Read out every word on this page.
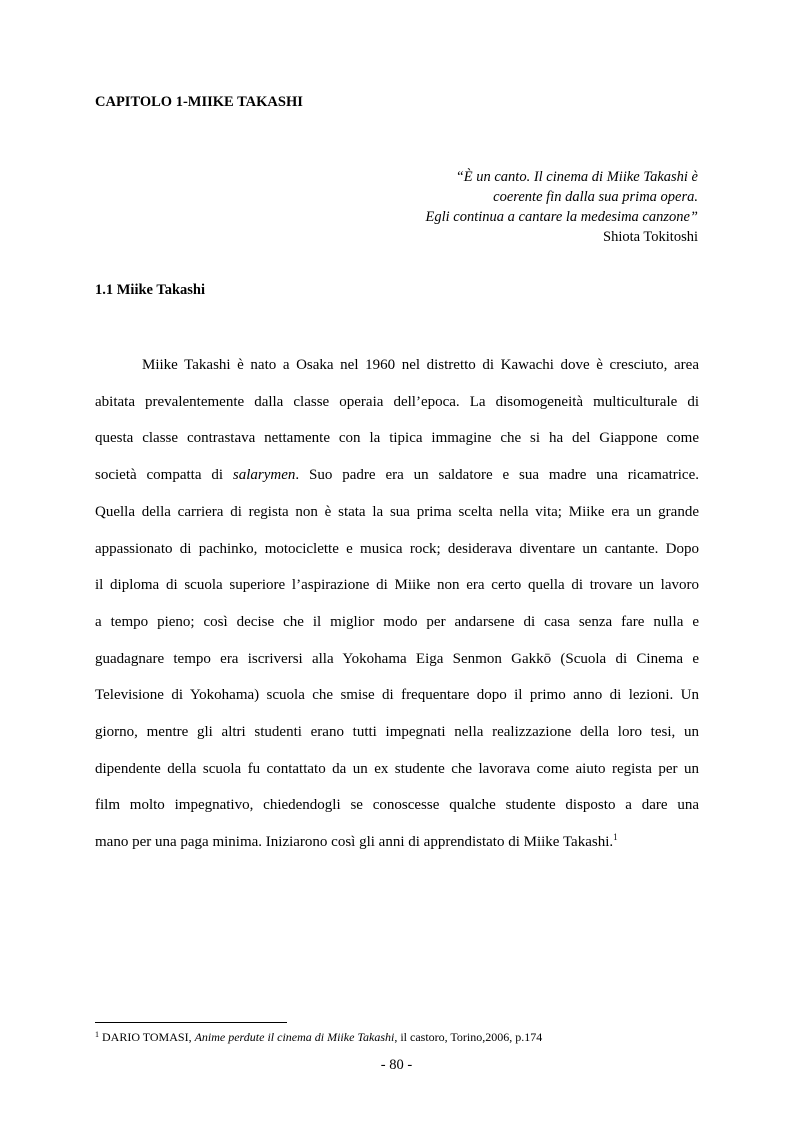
CAPITOLO 1-MIIKE TAKASHI
“È un canto. Il cinema di Miike Takashi è
coerente fin dalla sua prima opera.
Egli continua a cantare la medesima canzone”
Shiota Tokitoshi
1.1 Miike Takashi
Miike Takashi è nato a Osaka nel 1960 nel distretto di Kawachi dove è cresciuto, area
abitata prevalentemente dalla classe operaia dell’epoca. La disomogeneità multiculturale di
questa classe contrastava nettamente con la tipica immagine che si ha del Giappone come
società compatta di salarymen. Suo padre era un saldatore e sua madre una ricamatrice.
Quella della carriera di regista non è stata la sua prima scelta nella vita; Miike era un grande
appassionato di pachinko, motociclette e musica rock; desiderava diventare un cantante. Dopo
il diploma di scuola superiore l’aspirazione di Miike non era certo quella di trovare un lavoro
a tempo pieno; così decise che il miglior modo per andarsene di casa senza fare nulla e
guadagnare tempo era iscriversi alla Yokohama Eiga Senmon Gakkō (Scuola di Cinema e
Televisione di Yokohama) scuola che smise di frequentare dopo il primo anno di lezioni. Un
giorno, mentre gli altri studenti erano tutti impegnati nella realizzazione della loro tesi, un
dipendente della scuola fu contattato da un ex studente che lavorava come aiuto regista per un
film molto impegnativo, chiedendogli se conoscesse qualche studente disposto a dare una
mano per una paga minima. Iniziarono così gli anni di apprendistato di Miike Takashi.$^1$
$^1$ DARIO TOMASI, Anime perdute il cinema di Miike Takashi, il castoro, Torino,2006, p.174
- 80 -
